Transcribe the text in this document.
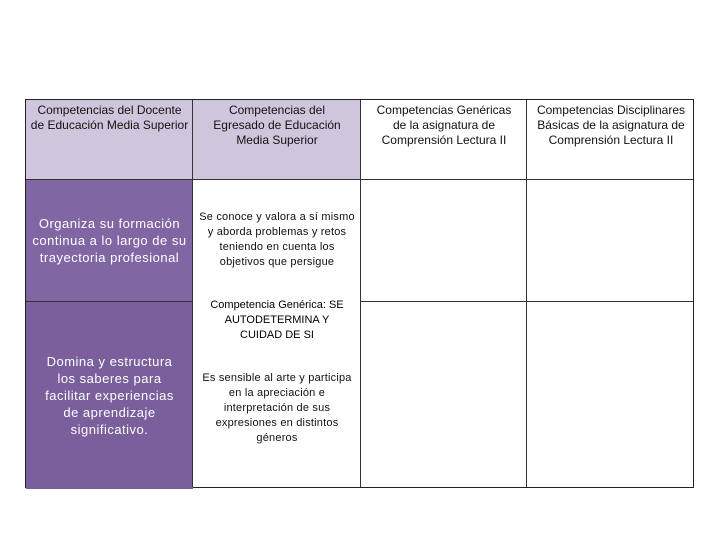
Competencias del Docente de Educación Media Superior
Competencias del Egresado de Educación Media Superior
Competencias Genéricas de la asignatura de Comprensión Lectura II
Competencias Disciplinares Básicas de la asignatura de Comprensión Lectura II
Organiza su formación continua a lo largo de su trayectoria profesional
Domina y estructura los saberes para facilitar experiencias de aprendizaje significativo.
Se conoce y valora a sí mismo y aborda problemas y retos teniendo en cuenta los objetivos que persigue
Competencia Genérica: SE AUTODETERMINA Y CUIDAD DE SI
Es sensible al arte y participa en la apreciación e interpretación de sus expresiones en distintos géneros
